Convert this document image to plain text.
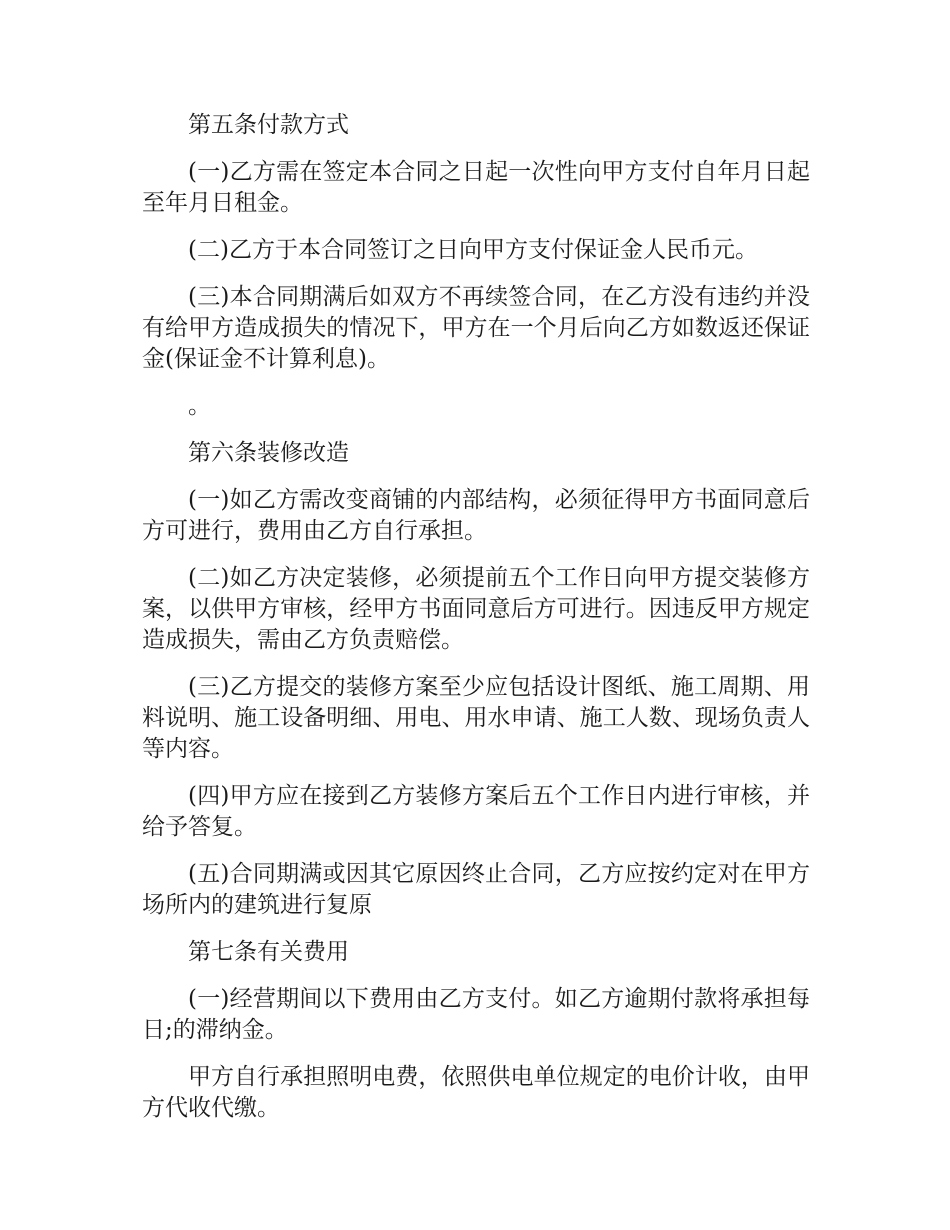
第五条付款方式

(一)乙方需在签定本合同之日起一次性向甲方支付自年月日起至年月日租金。

(二)乙方于本合同签订之日向甲方支付保证金人民币元。

(三)本合同期满后如双方不再续签合同，在乙方没有违约并没有给甲方造成损失的情况下，甲方在一个月后向乙方如数返还保证金(保证金不计算利息)。

。

第六条装修改造

(一)如乙方需改变商铺的内部结构，必须征得甲方书面同意后方可进行，费用由乙方自行承担。

(二)如乙方决定装修，必须提前五个工作日向甲方提交装修方案，以供甲方审核，经甲方书面同意后方可进行。因违反甲方规定造成损失，需由乙方负责赔偿。

(三)乙方提交的装修方案至少应包括设计图纸、施工周期、用料说明、施工设备明细、用电、用水申请、施工人数、现场负责人等内容。

(四)甲方应在接到乙方装修方案后五个工作日内进行审核，并给予答复。

(五)合同期满或因其它原因终止合同，乙方应按约定对在甲方场所内的建筑进行复原

第七条有关费用

(一)经营期间以下费用由乙方支付。如乙方逾期付款将承担每日;的滞纳金。

甲方自行承担照明电费，依照供电单位规定的电价计收，由甲方代收代缴。
